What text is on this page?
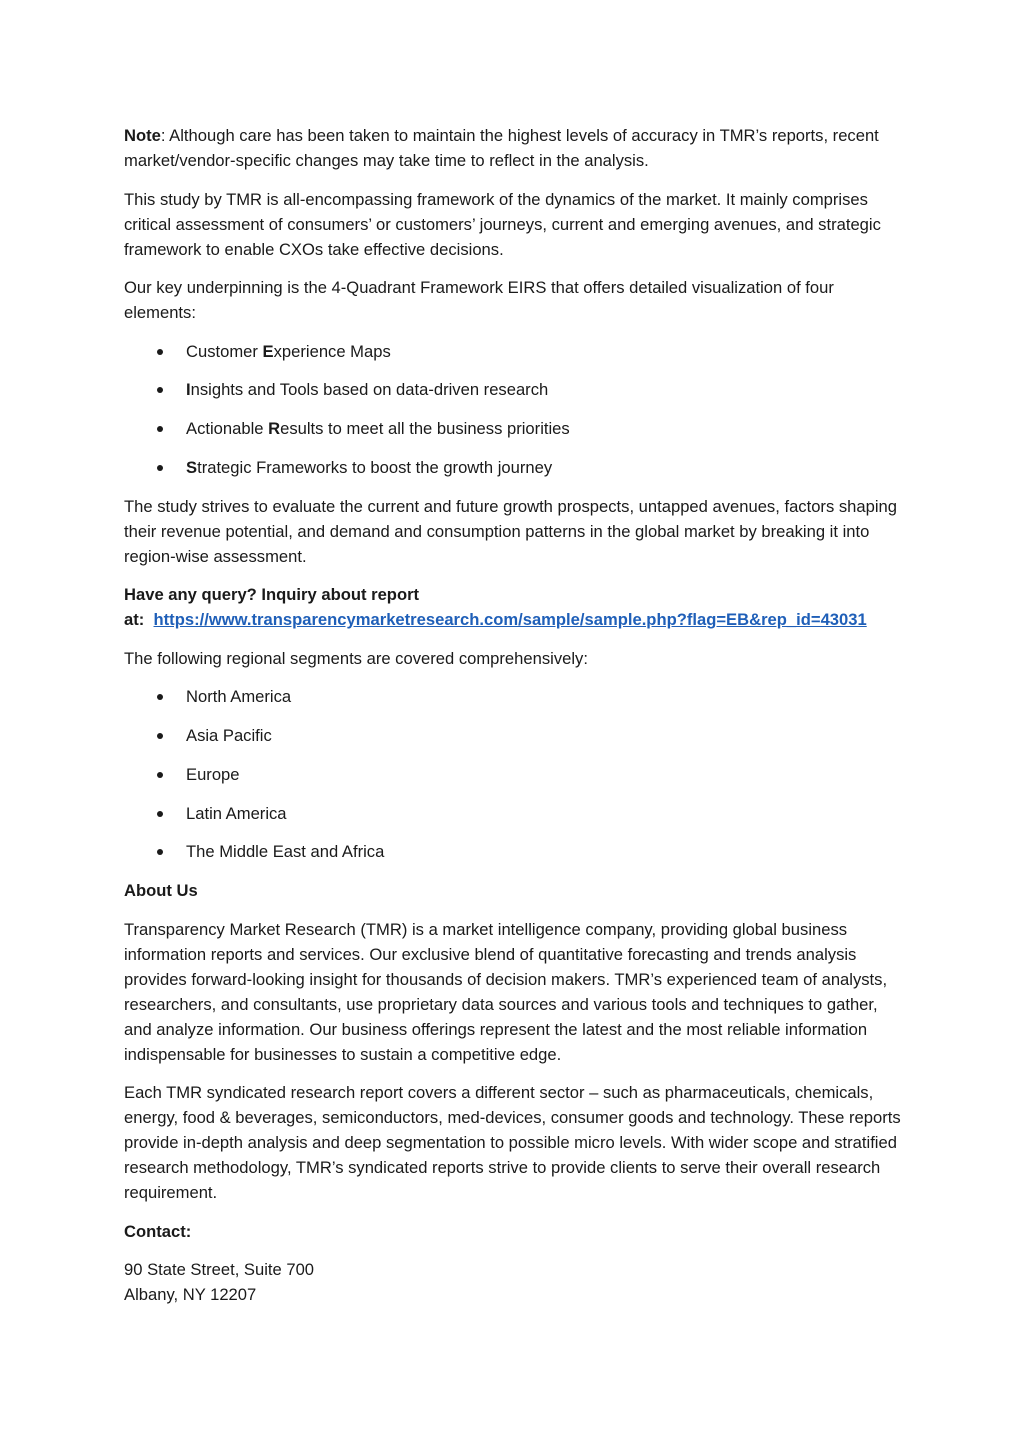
Note: Although care has been taken to maintain the highest levels of accuracy in TMR’s reports, recent market/vendor-specific changes may take time to reflect in the analysis.

This study by TMR is all-encompassing framework of the dynamics of the market. It mainly comprises critical assessment of consumers’ or customers’ journeys, current and emerging avenues, and strategic framework to enable CXOs take effective decisions.

Our key underpinning is the 4-Quadrant Framework EIRS that offers detailed visualization of four elements:

Customer Experience Maps
Insights and Tools based on data-driven research
Actionable Results to meet all the business priorities
Strategic Frameworks to boost the growth journey

The study strives to evaluate the current and future growth prospects, untapped avenues, factors shaping their revenue potential, and demand and consumption patterns in the global market by breaking it into region-wise assessment.

Have any query? Inquiry about report
at: https://www.transparencymarketresearch.com/sample/sample.php?flag=EB&rep_id=43031

The following regional segments are covered comprehensively:

North America
Asia Pacific
Europe
Latin America
The Middle East and Africa

About Us

Transparency Market Research (TMR) is a market intelligence company, providing global business information reports and services. Our exclusive blend of quantitative forecasting and trends analysis provides forward-looking insight for thousands of decision makers. TMR’s experienced team of analysts, researchers, and consultants, use proprietary data sources and various tools and techniques to gather, and analyze information. Our business offerings represent the latest and the most reliable information indispensable for businesses to sustain a competitive edge.

Each TMR syndicated research report covers a different sector – such as pharmaceuticals, chemicals, energy, food & beverages, semiconductors, med-devices, consumer goods and technology. These reports provide in-depth analysis and deep segmentation to possible micro levels. With wider scope and stratified research methodology, TMR’s syndicated reports strive to provide clients to serve their overall research requirement.

Contact:

90 State Street, Suite 700
Albany, NY 12207
